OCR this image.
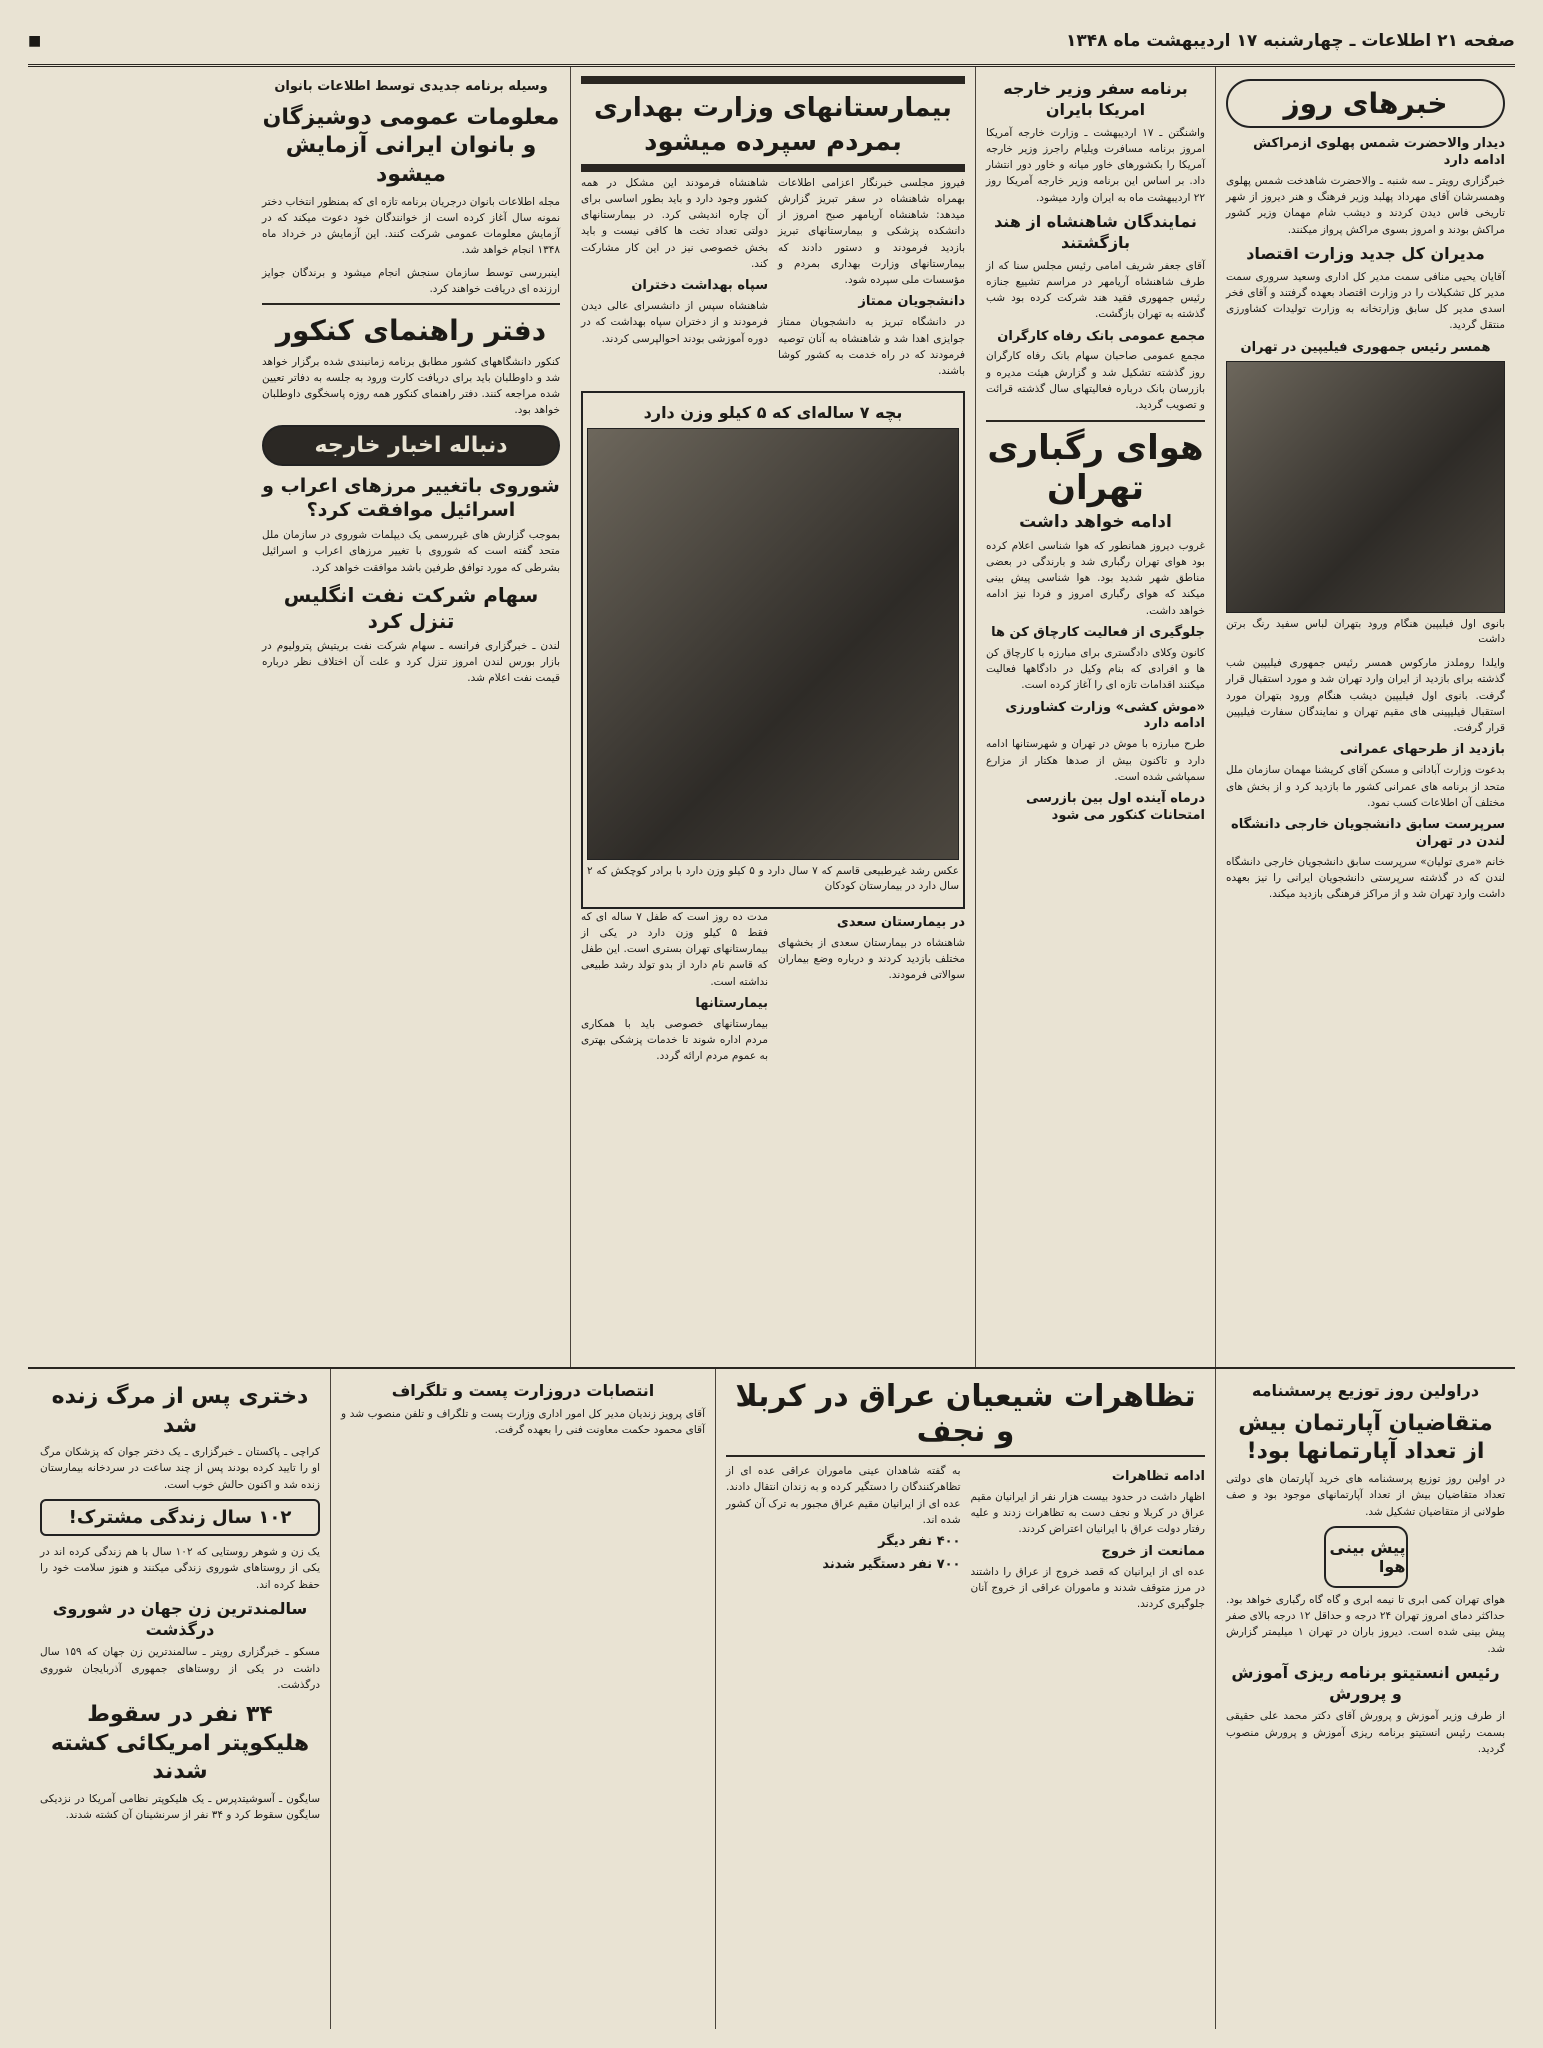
صفحه ۲۱ اطلاعات ـ چهارشنبه ۱۷ اردیبهشت ماه ۱۳۴۸
■
خبرهای روز
دیدار والاحضرت شمس پهلوی ازمراکش ادامه دارد

خبرگزاری رویتر ـ سه شنبه ـ والاحضرت شاهدخت شمس پهلوی وهمسرشان آقای مهرداد پهلبد وزیر فرهنگ و هنر دیروز از شهر تاریخی فاس دیدن کردند و دیشب شام مهمان وزیر کشور مراکش بودند و امروز بسوی مراکش پرواز میکنند.

مدیران کل جدید وزارت اقتصاد

آقایان یحیی منافی سمت مدیر کل اداری وسعید سروری سمت مدیر کل تشکیلات را در وزارت اقتصاد بعهده گرفتند و آقای فخر اسدی مدیر کل سابق وزارتخانه به وزارت تولیدات کشاورزی منتقل گردید.

همسر رئیس جمهوری فیلیپین در تهران
بانوی اول فیلیپین هنگام ورود بتهران لباس سفید رنگ برتن داشت

وایلدا روملدز مارکوس همسر رئیس جمهوری فیلیپین شب گذشته برای بازدید از ایران وارد تهران شد و مورد استقبال قرار گرفت. بانوی اول فیلیپین دیشب هنگام ورود بتهران مورد استقبال فیلیپینی های مقیم تهران و نمایندگان سفارت فیلیپین قرار گرفت.

بازدید از طرحهای عمرانی

بدعوت وزارت آبادانی و مسکن آقای کریشنا مهمان سازمان ملل متحد از برنامه های عمرانی کشور ما بازدید کرد و از بخش های مختلف آن اطلاعات کسب نمود.

سرپرست سابق دانشجویان خارجی دانشگاه لندن در تهران

خانم «مری تولیان» سرپرست سابق دانشجویان خارجی دانشگاه لندن که در گذشته سرپرستی دانشجویان ایرانی را نیز بعهده داشت وارد تهران شد و از مراکز فرهنگی بازدید میکند.

برنامه سفر وزیر خارجه امریکا بایران

واشنگتن ـ ۱۷ اردیبهشت ـ وزارت خارجه آمریکا امروز برنامه مسافرت ویلیام راجرز وزیر خارجه آمریکا را بکشورهای خاور میانه و خاور دور انتشار داد. بر اساس این برنامه وزیر خارجه آمریکا روز ۲۲ اردیبهشت ماه به ایران وارد میشود.

نمایندگان شاهنشاه از هند بازگشتند

آقای جعفر شریف امامی رئیس مجلس سنا که از طرف شاهنشاه آریامهر در مراسم تشییع جنازه رئیس جمهوری فقید هند شرکت کرده بود شب گذشته به تهران بازگشت.

مجمع عمومی بانک رفاه کارگران

مجمع عمومی صاحبان سهام بانک رفاه کارگران روز گذشته تشکیل شد و گزارش هیئت مدیره و بازرسان بانک درباره فعالیتهای سال گذشته قرائت و تصویب گردید.

هوای رگباری تهران
ادامه خواهد داشت

غروب دیروز همانطور که هوا شناسی اعلام کرده بود هوای تهران رگباری شد و بارندگی در بعضی مناطق شهر شدید بود. هوا شناسی پیش بینی میکند که هوای رگباری امروز و فردا نیز ادامه خواهد داشت.

جلوگیری از فعالیت کارچاق کن ها

کانون وکلای دادگستری برای مبارزه با کارچاق کن ها و افرادی که بنام وکیل در دادگاهها فعالیت میکنند اقدامات تازه ای را آغاز کرده است.

«موش کشی» وزارت کشاورزی ادامه دارد

طرح مبارزه با موش در تهران و شهرستانها ادامه دارد و تاکنون بیش از صدها هکتار از مزارع سمپاشی شده است.

درماه آینده اول بین بازرسی امتحانات کنکور می شود
بیمارستانهای وزارت بهداری بمردم سپرده میشود

فیروز مجلسی خبرنگار اعزامی اطلاعات بهمراه شاهنشاه در سفر تبریز گزارش میدهد: شاهنشاه آریامهر صبح امروز از دانشکده پزشکی و بیمارستانهای تبریز بازدید فرمودند و دستور دادند که بیمارستانهای وزارت بهداری بمردم و مؤسسات ملی سپرده شود.

دانشجویان ممتاز

در دانشگاه تبریز به دانشجویان ممتاز جوایزی اهدا شد و شاهنشاه به آنان توصیه فرمودند که در راه خدمت به کشور کوشا باشند.

شاهنشاه فرمودند این مشکل در همه کشور وجود دارد و باید بطور اساسی برای آن چاره اندیشی کرد. در بیمارستانهای دولتی تعداد تخت ها کافی نیست و باید بخش خصوصی نیز در این کار مشارکت کند.

سپاه بهداشت دختران

شاهنشاه سپس از دانشسرای عالی دیدن فرمودند و از دختران سپاه بهداشت که در دوره آموزشی بودند احوالپرسی کردند.

بچه ۷ ساله‌ای که ۵ کیلو وزن دارد
عکس رشد غیرطبیعی قاسم که ۷ سال دارد و ۵ کیلو وزن دارد با برادر کوچکش که ۲ سال دارد در بیمارستان کودکان
در بیمارستان سعدی

شاهنشاه در بیمارستان سعدی از بخشهای مختلف بازدید کردند و درباره وضع بیماران سوالاتی فرمودند.

مدت ده روز است که طفل ۷ ساله ای که فقط ۵ کیلو وزن دارد در یکی از بیمارستانهای تهران بستری است. این طفل که قاسم نام دارد از بدو تولد رشد طبیعی نداشته است.

بیمارستانها

بیمارستانهای خصوصی باید با همکاری مردم اداره شوند تا خدمات پزشکی بهتری به عموم مردم ارائه گردد.

وسیله برنامه جدیدی توسط اطلاعات بانوان
معلومات عمومی دوشیزگان و بانوان ایرانی آزمایش میشود

مجله اطلاعات بانوان درجریان برنامه تازه ای که بمنظور انتخاب دختر نمونه سال آغاز کرده است از خوانندگان خود دعوت میکند که در آزمایش معلومات عمومی شرکت کنند. این آزمایش در خرداد ماه ۱۳۴۸ انجام خواهد شد.

اینبررسی توسط سازمان سنجش انجام میشود و برندگان جوایز ارزنده ای دریافت خواهند کرد.

دفتر راهنمای کنکور

کنکور دانشگاههای کشور مطابق برنامه زمانبندی شده برگزار خواهد شد و داوطلبان باید برای دریافت کارت ورود به جلسه به دفاتر تعیین شده مراجعه کنند. دفتر راهنمای کنکور همه روزه پاسخگوی داوطلبان خواهد بود.

دنباله اخبار خارجه
شوروی باتغییر مرزهای اعراب و اسرائیل موافقت کرد؟

بموجب گزارش های غیررسمی یک دیپلمات شوروی در سازمان ملل متحد گفته است که شوروی با تغییر مرزهای اعراب و اسرائیل بشرطی که مورد توافق طرفین باشد موافقت خواهد کرد.

سهام شرکت نفت انگلیس تنزل کرد

لندن ـ خبرگزاری فرانسه ـ سهام شرکت نفت بریتیش پترولیوم در بازار بورس لندن امروز تنزل کرد و علت آن اختلاف نظر درباره قیمت نفت اعلام شد.

دراولین روز توزیع پرسشنامه
متقاضیان آپارتمان بیش از تعداد آپارتمانها بود!

در اولین روز توزیع پرسشنامه های خرید آپارتمان های دولتی تعداد متقاضیان بیش از تعداد آپارتمانهای موجود بود و صف طولانی از متقاضیان تشکیل شد.

پیش بینی هوا

هوای تهران کمی ابری تا نیمه ابری و گاه گاه رگباری خواهد بود. حداکثر دمای امروز تهران ۲۴ درجه و حداقل ۱۲ درجه بالای صفر پیش بینی شده است. دیروز باران در تهران ۱ میلیمتر گزارش شد.

رئیس انستیتو برنامه ریزی آموزش و پرورش

از طرف وزیر آموزش و پرورش آقای دکتر محمد علی حقیقی بسمت رئیس انستیتو برنامه ریزی آموزش و پرورش منصوب گردید.

تظاهرات شیعیان عراق در کربلا و نجف
ادامه تظاهرات

اظهار داشت در حدود بیست هزار نفر از ایرانیان مقیم عراق در کربلا و نجف دست به تظاهرات زدند و علیه رفتار دولت عراق با ایرانیان اعتراض کردند.

ممانعت از خروج

عده ای از ایرانیان که قصد خروج از عراق را داشتند در مرز متوقف شدند و ماموران عراقی از خروج آنان جلوگیری کردند.

به گفته شاهدان عینی ماموران عراقی عده ای از تظاهرکنندگان را دستگیر کرده و به زندان انتقال دادند. عده ای از ایرانیان مقیم عراق مجبور به ترک آن کشور شده اند.

۴۰۰ نفر دیگر
۷۰۰ نفر دستگیر شدند
انتصابات دروزارت پست و تلگراف

آقای پرویز زندیان مدیر کل امور اداری وزارت پست و تلگراف و تلفن منصوب شد و آقای محمود حکمت معاونت فنی را بعهده گرفت.

دختری پس از مرگ زنده شد

کراچی ـ پاکستان ـ خبرگزاری ـ یک دختر جوان که پزشکان مرگ او را تایید کرده بودند پس از چند ساعت در سردخانه بیمارستان زنده شد و اکنون حالش خوب است.

۱۰۲ سال زندگی مشترک!

یک زن و شوهر روستایی که ۱۰۲ سال با هم زندگی کرده اند در یکی از روستاهای شوروی زندگی میکنند و هنوز سلامت خود را حفظ کرده اند.

سالمندترین زن جهان در شوروی درگذشت

مسکو ـ خبرگزاری رویتر ـ سالمندترین زن جهان که ۱۵۹ سال داشت در یکی از روستاهای جمهوری آذربایجان شوروی درگذشت.

۳۴ نفر در سقوط هلیکوپتر امریکائی کشته شدند

سایگون ـ آسوشیتدپرس ـ یک هلیکوپتر نظامی آمریکا در نزدیکی سایگون سقوط کرد و ۳۴ نفر از سرنشینان آن کشته شدند.
